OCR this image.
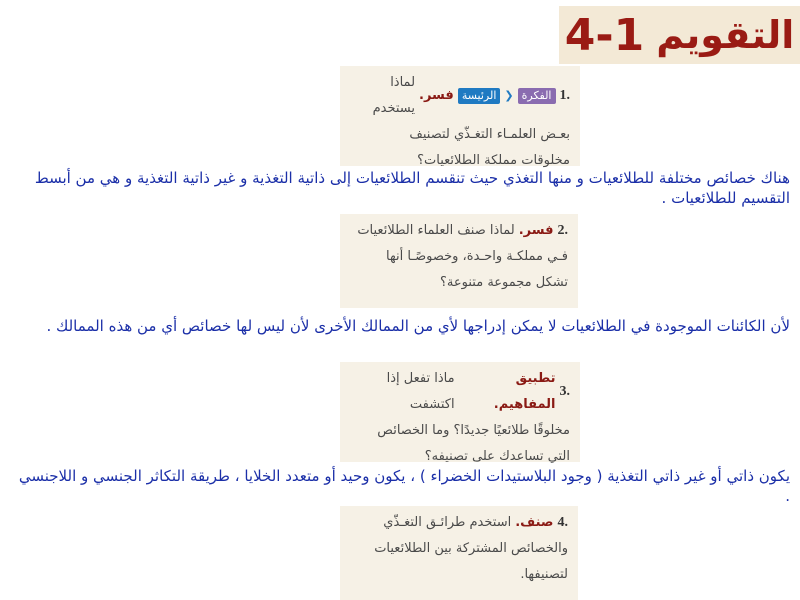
التقويم
4-1
1.
الفكرة
❮
الرئيسة
فسر.
لماذا يستخدم
بعـض العلمـاء التغـذّي لتصنيف
مخلوقات مملكة الطلائعيات؟
هناك خصائص مختلفة للطلائعيات و منها التغذي حيث تنقسم الطلائعيات إلى ذاتية التغذية و غير ذاتية التغذية و هي من أبسط التقسيم للطلائعيات .
2.
فسر.
لماذا صنف العلماء الطلائعيات
فـي مملكـة واحـدة، وخصوصًـا أنها
تشكل مجموعة متنوعة؟
لأن الكائنات الموجودة في الطلائعيات لا يمكن إدراجها لأي من الممالك الأخرى لأن ليس لها خصائص أي من هذه الممالك .
3.
تطبيق المفاهيم.
ماذا تفعل إذا اكتشفت
مخلوقًا طلائعيًا جديدًا؟ وما الخصائص
التي تساعدك على تصنيفه؟
يكون ذاتي أو غير ذاتي التغذية ( وجود البلاستيدات الخضراء ) ، يكون وحيد أو متعدد الخلايا ، طريقة التكاثر الجنسي و اللاجنسي .
4.
صنف.
استخدم طرائـق التغـذّي
والخصائص المشتركة بين الطلائعيات
لتصنيفها.
